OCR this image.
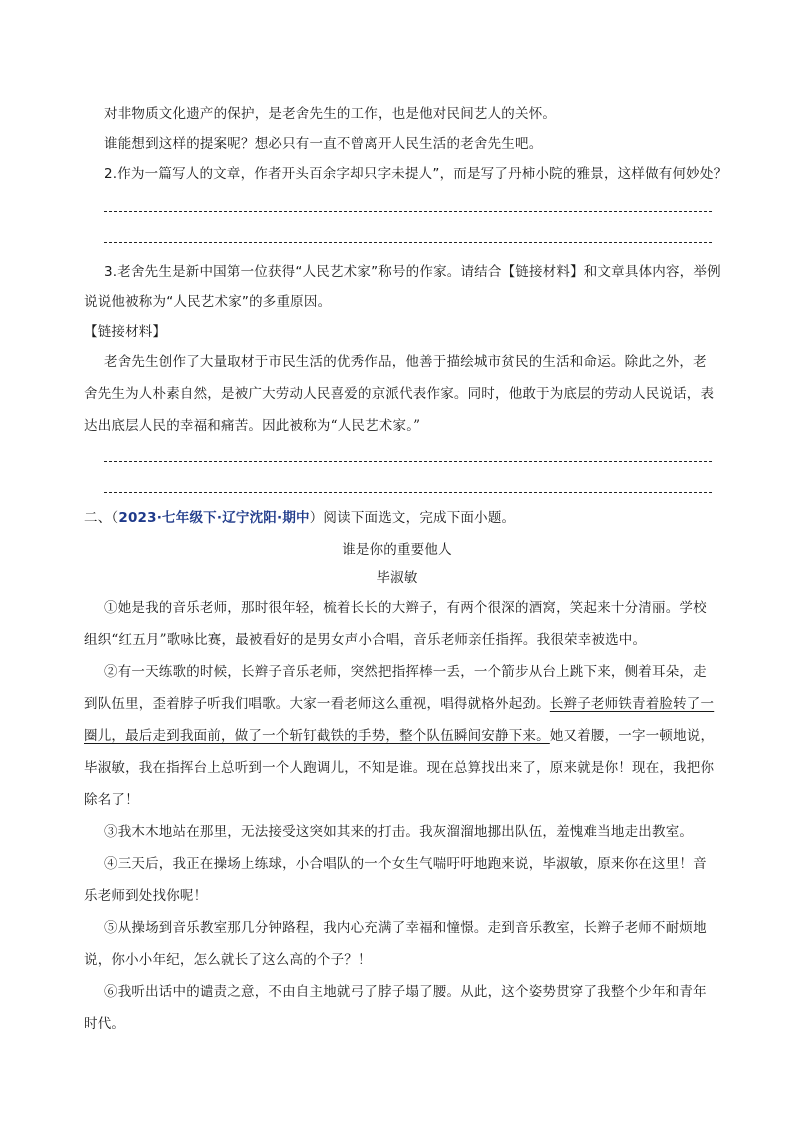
对非物质文化遗产的保护，是老舍先生的工作，也是他对民间艺人的关怀。
谁能想到这样的提案呢？想必只有一直不曾离开人民生活的老舍先生吧。
2.作为一篇写人的文章，作者开头百余字却只字未提人”，而是写了丹柿小院的雅景，这样做有何妙处？
3.老舍先生是新中国第一位获得“人民艺术家”称号的作家。请结合【链接材料】和文章具体内容，举例
说说他被称为“人民艺术家”的多重原因。
【链接材料】
老舍先生创作了大量取材于市民生活的优秀作品，他善于描绘城市贫民的生活和命运。除此之外，老
舍先生为人朴素自然，是被广大劳动人民喜爱的京派代表作家。同时，他敢于为底层的劳动人民说话，表
达出底层人民的幸福和痛苦。因此被称为“人民艺术家。”
二、（2023·七年级下·辽宁沈阳·期中）阅读下面选文，完成下面小题。
谁是你的重要他人
毕淑敏
①她是我的音乐老师，那时很年轻，梳着长长的大辫子，有两个很深的酒窝，笑起来十分清丽。学校
组织“红五月”歌咏比赛，最被看好的是男女声小合唱，音乐老师亲任指挥。我很荣幸被选中。
②有一天练歌的时候，长辫子音乐老师，突然把指挥棒一丢，一个箭步从台上跳下来，侧着耳朵，走
到队伍里，歪着脖子听我们唱歌。大家一看老师这么重视，唱得就格外起劲。长辫子老师铁青着脸转了一
圈儿，最后走到我面前，做了一个斩钉截铁的手势，整个队伍瞬间安静下来。她又着腰，一字一顿地说，
毕淑敏，我在指挥台上总听到一个人跑调儿，不知是谁。现在总算找出来了，原来就是你！现在，我把你
除名了！
③我木木地站在那里，无法接受这突如其来的打击。我灰溜溜地挪出队伍，羞愧难当地走出教室。
④三天后，我正在操场上练球，小合唱队的一个女生气喘吁吁地跑来说，毕淑敏，原来你在这里！音
乐老师到处找你呢！
⑤从操场到音乐教室那几分钟路程，我内心充满了幸福和憧憬。走到音乐教室，长辫子老师不耐烦地
说，你小小年纪，怎么就长了这么高的个子？！
⑥我听出话中的谴责之意，不由自主地就弓了脖子塌了腰。从此，这个姿势贯穿了我整个少年和青年
时代。
